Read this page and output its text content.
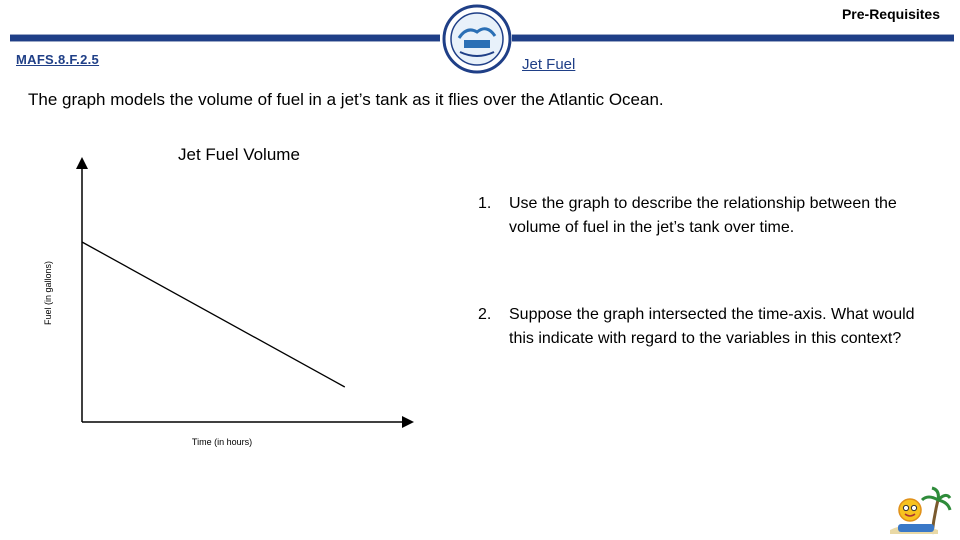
Pre-Requisites
MAFS.8.F.2.5	Jet Fuel
The graph models the volume of fuel in a jet’s tank as it flies over the Atlantic Ocean.
Jet Fuel Volume
Time (in hours)
Fuel (in gallons)
1.	Use the graph to describe the relationship between the volume of fuel in the jet’s tank over time.
2.	Suppose the graph intersected the time-axis. What would this indicate with regard to the variables in this context?
